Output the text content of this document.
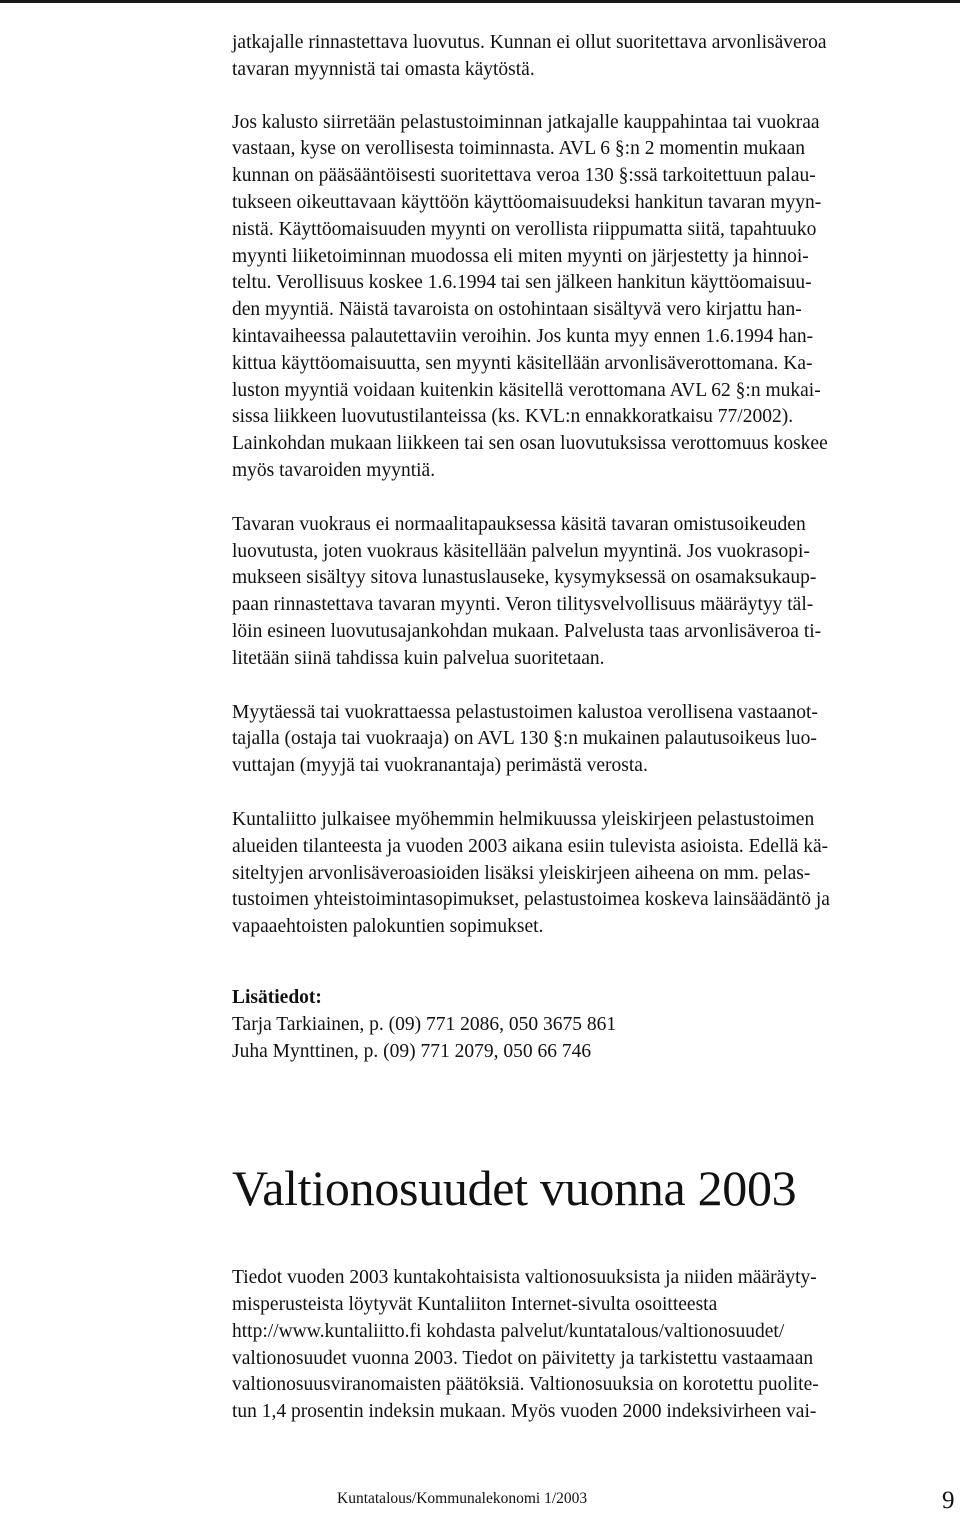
jatkajalle rinnastettava luovutus. Kunnan ei ollut suoritettava arvonlisäveroa
tavaran myynnistä tai omasta käytöstä.

Jos kalusto siirretään pelastustoiminnan jatkajalle kauppahintaa tai vuokraa
vastaan, kyse on verollisesta toiminnasta. AVL 6 §:n 2 momentin mukaan
kunnan on pääsääntöisesti suoritettava veroa 130 §:ssä tarkoitettuun palau-
tukseen oikeuttavaan käyttöön käyttöomaisuudeksi hankitun tavaran myyn-
nistä. Käyttöomaisuuden myynti on verollista riippumatta siitä, tapahtuuko
myynti liiketoiminnan muodossa eli miten myynti on järjestetty ja hinnoi-
teltu. Verollisuus koskee 1.6.1994 tai sen jälkeen hankitun käyttöomaisuu-
den myyntiä. Näistä tavaroista on ostohintaan sisältyvä vero kirjattu han-
kintavaiheessa palautettaviin veroihin. Jos kunta myy ennen 1.6.1994 han-
kittua käyttöomaisuutta, sen myynti käsitellään arvonlisäverottomana. Ka-
luston myyntiä voidaan kuitenkin käsitellä verottomana AVL 62 §:n mukai-
sissa liikkeen luovutustilanteissa (ks. KVL:n ennakkoratkaisu 77/2002).
Lainkohdan mukaan liikkeen tai sen osan luovutuksissa verottomuus koskee
myös tavaroiden myyntiä.

Tavaran vuokraus ei normaalitapauksessa käsitä tavaran omistusoikeuden
luovutusta, joten vuokraus käsitellään palvelun myyntinä. Jos vuokrasopi-
mukseen sisältyy sitova lunastuslauseke, kysymyksessä on osamaksukaup-
paan rinnastettava tavaran myynti. Veron tilitysvelvollisuus määräytyy täl-
löin esineen luovutusajankohdan mukaan. Palvelusta taas arvonlisäveroa ti-
litetään siinä tahdissa kuin palvelua suoritetaan.

Myytäessä tai vuokrattaessa pelastustoimen kalustoa verollisena vastaanot-
tajalla (ostaja tai vuokraaja) on AVL 130 §:n mukainen palautusoikeus luo-
vuttajan (myyjä tai vuokranantaja) perimästä verosta.

Kuntaliitto julkaisee myöhemmin helmikuussa yleiskirjeen pelastustoimen
alueiden tilanteesta ja vuoden 2003 aikana esiin tulevista asioista. Edellä kä-
siteltyjen arvonlisäveroasioiden lisäksi yleiskirjeen aiheena on mm. pelas-
tustoimen yhteistoimintasopimukset, pelastustoimea koskeva lainsäädäntö ja
vapaaehtoisten palokuntien sopimukset.

Lisätiedot:

Tarja Tarkiainen, p. (09) 771 2086, 050 3675 861

Juha Mynttinen, p. (09) 771 2079, 050 66 746

Valtionosuudet vuonna 2003

Tiedot vuoden 2003 kuntakohtaisista valtionosuuksista ja niiden määräyty-
misperusteista löytyvät Kuntaliiton Internet-sivulta osoitteesta
http://www.kuntaliitto.fi kohdasta palvelut/kuntatalous/valtionosuudet/
valtionosuudet vuonna 2003. Tiedot on päivitetty ja tarkistettu vastaamaan
valtionosuusviranomaisten päätöksiä. Valtionosuuksia on korotettu puolite-
tun 1,4 prosentin indeksin mukaan. Myös vuoden 2000 indeksivirheen vai-

Kuntatalous/Kommunalekonomi 1/2003	9
